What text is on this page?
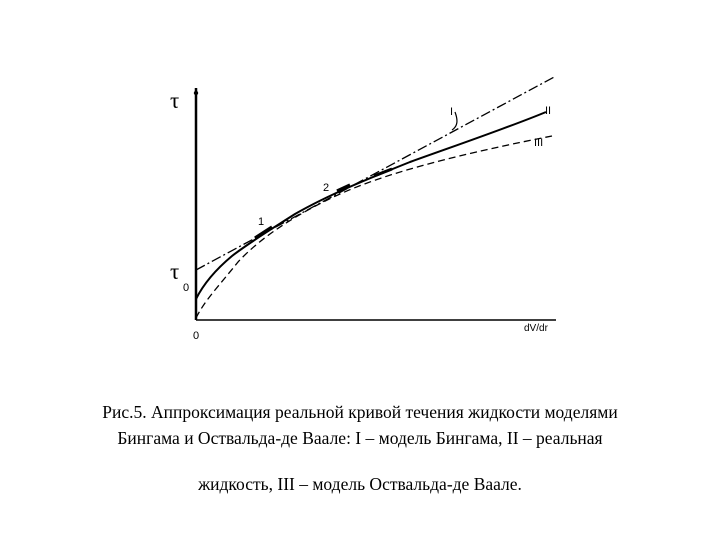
τ
τ
0
0
dV/dr
1
2
I	II
III

Рис.5. Аппроксимация реальной кривой течения жидкости моделями

Бингама и Оствальда-де Ваале: I – модель Бингама, II – реальная

жидкость, III – модель Оствальда-де Ваале.
